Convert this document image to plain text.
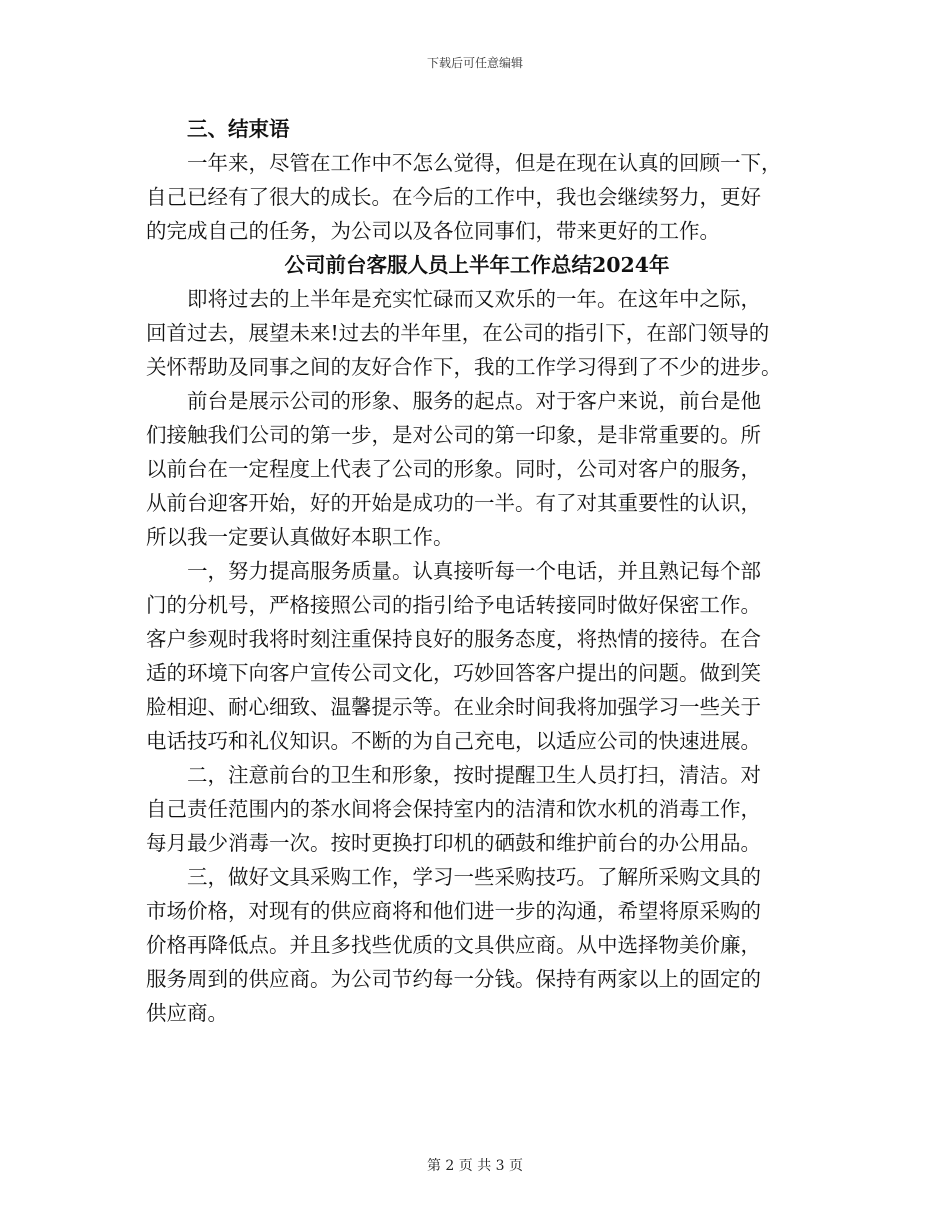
下载后可任意编辑
三、结束语
一年来，尽管在工作中不怎么觉得，但是在现在认真的回顾一下，
自己已经有了很大的成长。在今后的工作中，我也会继续努力，更好
的完成自己的任务，为公司以及各位同事们，带来更好的工作。
公司前台客服人员上半年工作总结2024年
即将过去的上半年是充实忙碌而又欢乐的一年。在这年中之际，
回首过去，展望未来!过去的半年里，在公司的指引下，在部门领导的
关怀帮助及同事之间的友好合作下，我的工作学习得到了不少的进步。
前台是展示公司的形象、服务的起点。对于客户来说，前台是他
们接触我们公司的第一步，是对公司的第一印象，是非常重要的。所
以前台在一定程度上代表了公司的形象。同时，公司对客户的服务，
从前台迎客开始，好的开始是成功的一半。有了对其重要性的认识，
所以我一定要认真做好本职工作。
一，努力提高服务质量。认真接听每一个电话，并且熟记每个部
门的分机号，严格接照公司的指引给予电话转接同时做好保密工作。
客户参观时我将时刻注重保持良好的服务态度，将热情的接待。在合
适的环境下向客户宣传公司文化，巧妙回答客户提出的问题。做到笑
脸相迎、耐心细致、温馨提示等。在业余时间我将加强学习一些关于
电话技巧和礼仪知识。不断的为自己充电，以适应公司的快速进展。
二，注意前台的卫生和形象，按时提醒卫生人员打扫，清洁。对
自己责任范围内的茶水间将会保持室内的洁清和饮水机的消毒工作，
每月最少消毒一次。按时更换打印机的硒鼓和维护前台的办公用品。
三，做好文具采购工作，学习一些采购技巧。了解所采购文具的
市场价格，对现有的供应商将和他们进一步的沟通，希望将原采购的
价格再降低点。并且多找些优质的文具供应商。从中选择物美价廉，
服务周到的供应商。为公司节约每一分钱。保持有两家以上的固定的
供应商。
第 2 页 共 3 页
